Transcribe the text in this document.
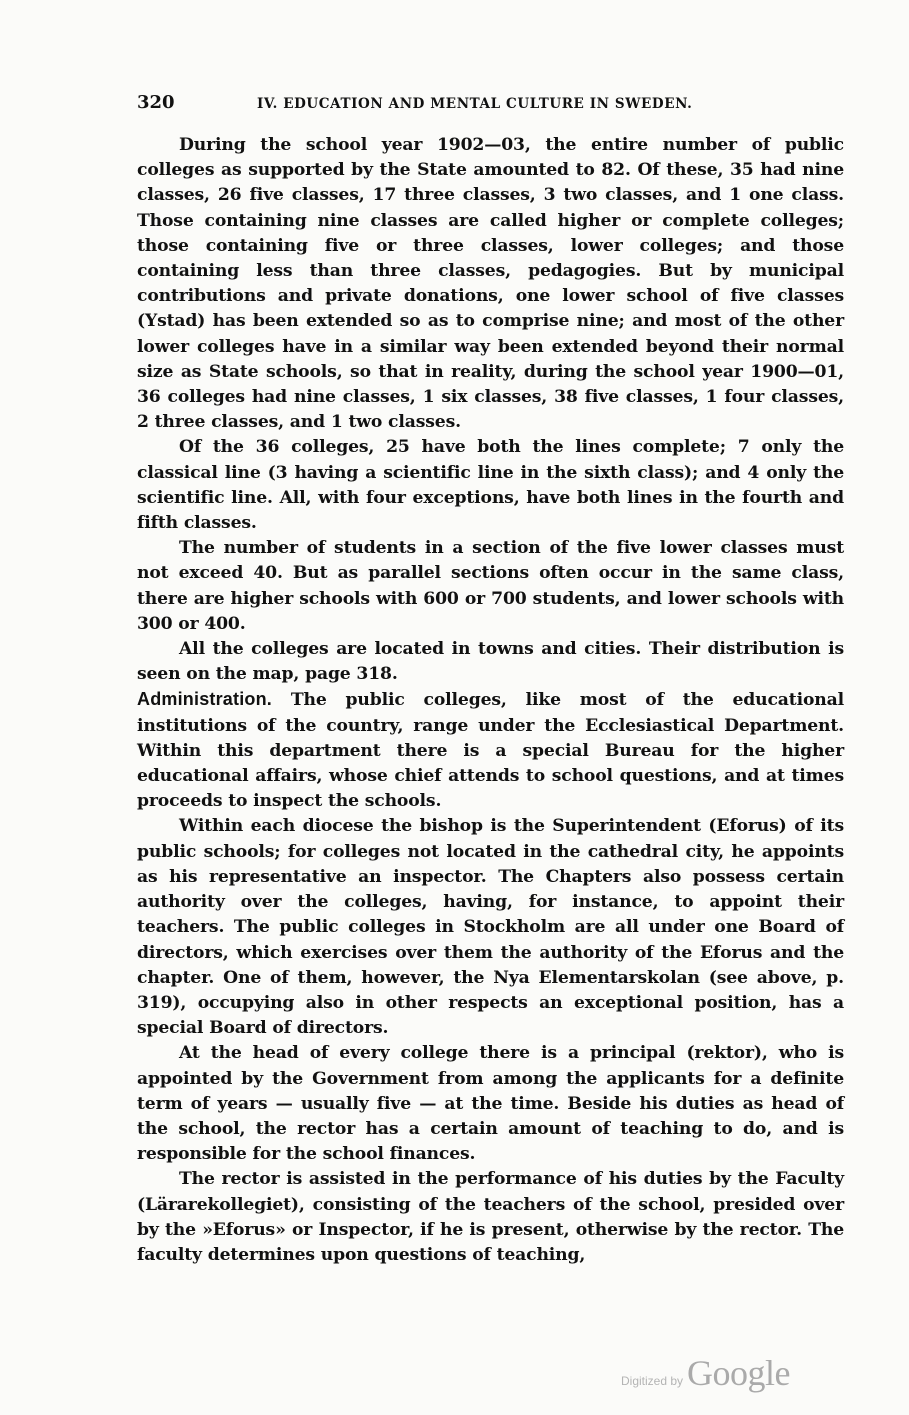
320	IV. EDUCATION AND MENTAL CULTURE IN SWEDEN.

During the school year 1902—03, the entire number of public colleges as supported by the State amounted to 82. Of these, 35 had nine classes, 26 five classes, 17 three classes, 3 two classes, and 1 one class. Those containing nine classes are called higher or complete colleges; those containing five or three classes, lower colleges; and those containing less than three classes, pedagogies. But by municipal contributions and private donations, one lower school of five classes (Ystad) has been extended so as to comprise nine; and most of the other lower colleges have in a similar way been extended beyond their normal size as State schools, so that in reality, during the school year 1900—01, 36 colleges had nine classes, 1 six classes, 38 five classes, 1 four classes, 2 three classes, and 1 two classes.

Of the 36 colleges, 25 have both the lines complete; 7 only the classical line (3 having a scientific line in the sixth class); and 4 only the scientific line. All, with four exceptions, have both lines in the fourth and fifth classes.

The number of students in a section of the five lower classes must not exceed 40. But as parallel sections often occur in the same class, there are higher schools with 600 or 700 students, and lower schools with 300 or 400.

All the colleges are located in towns and cities. Their distribution is seen on the map, page 318.

Administration. The public colleges, like most of the educational institutions of the country, range under the Ecclesiastical Department. Within this department there is a special Bureau for the higher educational affairs, whose chief attends to school questions, and at times proceeds to inspect the schools.

Within each diocese the bishop is the Superintendent (Eforus) of its public schools; for colleges not located in the cathedral city, he appoints as his representative an inspector. The Chapters also possess certain authority over the colleges, having, for instance, to appoint their teachers. The public colleges in Stockholm are all under one Board of directors, which exercises over them the authority of the Eforus and the chapter. One of them, however, the Nya Elementarskolan (see above, p. 319), occupying also in other respects an exceptional position, has a special Board of directors.

At the head of every college there is a principal (rektor), who is appointed by the Government from among the applicants for a definite term of years — usually five — at the time. Beside his duties as head of the school, the rector has a certain amount of teaching to do, and is responsible for the school finances.

The rector is assisted in the performance of his duties by the Faculty (Lärarekollegiet), consisting of the teachers of the school, presided over by the »Eforus» or Inspector, if he is present, otherwise by the rector. The faculty determines upon questions of teaching,

Digitized by Google
